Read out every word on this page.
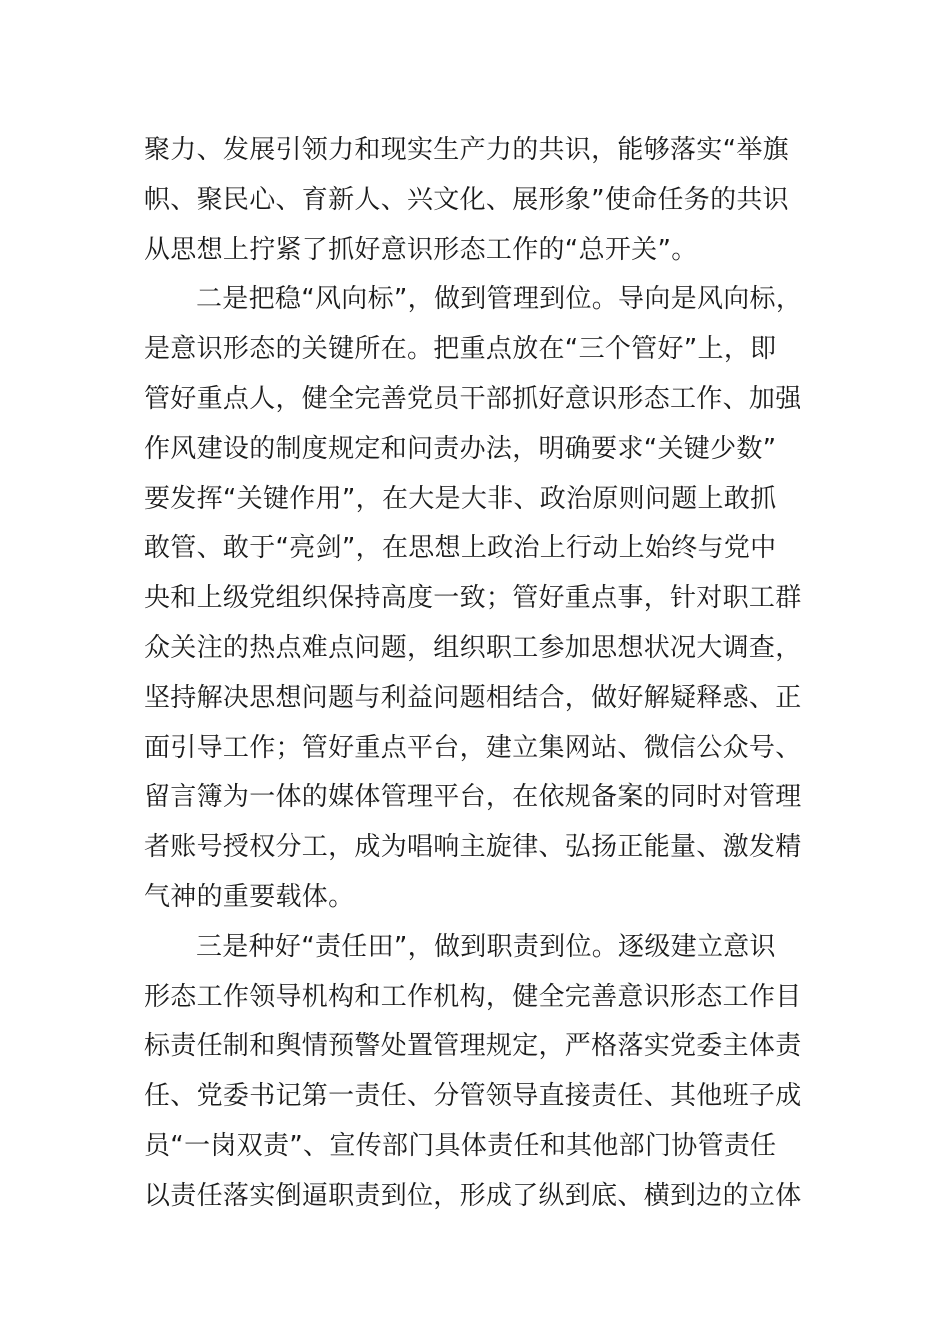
聚力、发展引领力和现实生产力的共识，能够落实“举旗
帜、聚民心、育新人、兴文化、展形象”使命任务的共识
从思想上拧紧了抓好意识形态工作的“总开关”。
二是把稳“风向标”，做到管理到位。导向是风向标，
是意识形态的关键所在。把重点放在“三个管好”上，即
管好重点人，健全完善党员干部抓好意识形态工作、加强
作风建设的制度规定和问责办法，明确要求“关键少数”
要发挥“关键作用”，在大是大非、政治原则问题上敢抓
敢管、敢于“亮剑”，在思想上政治上行动上始终与党中
央和上级党组织保持高度一致；管好重点事，针对职工群
众关注的热点难点问题，组织职工参加思想状况大调查，
坚持解决思想问题与利益问题相结合，做好解疑释惑、正
面引导工作；管好重点平台，建立集网站、微信公众号、
留言簿为一体的媒体管理平台，在依规备案的同时对管理
者账号授权分工，成为唱响主旋律、弘扬正能量、激发精
气神的重要载体。
三是种好“责任田”，做到职责到位。逐级建立意识
形态工作领导机构和工作机构，健全完善意识形态工作目
标责任制和舆情预警处置管理规定，严格落实党委主体责
任、党委书记第一责任、分管领导直接责任、其他班子成
员“一岗双责”、宣传部门具体责任和其他部门协管责任
以责任落实倒逼职责到位，形成了纵到底、横到边的立体
